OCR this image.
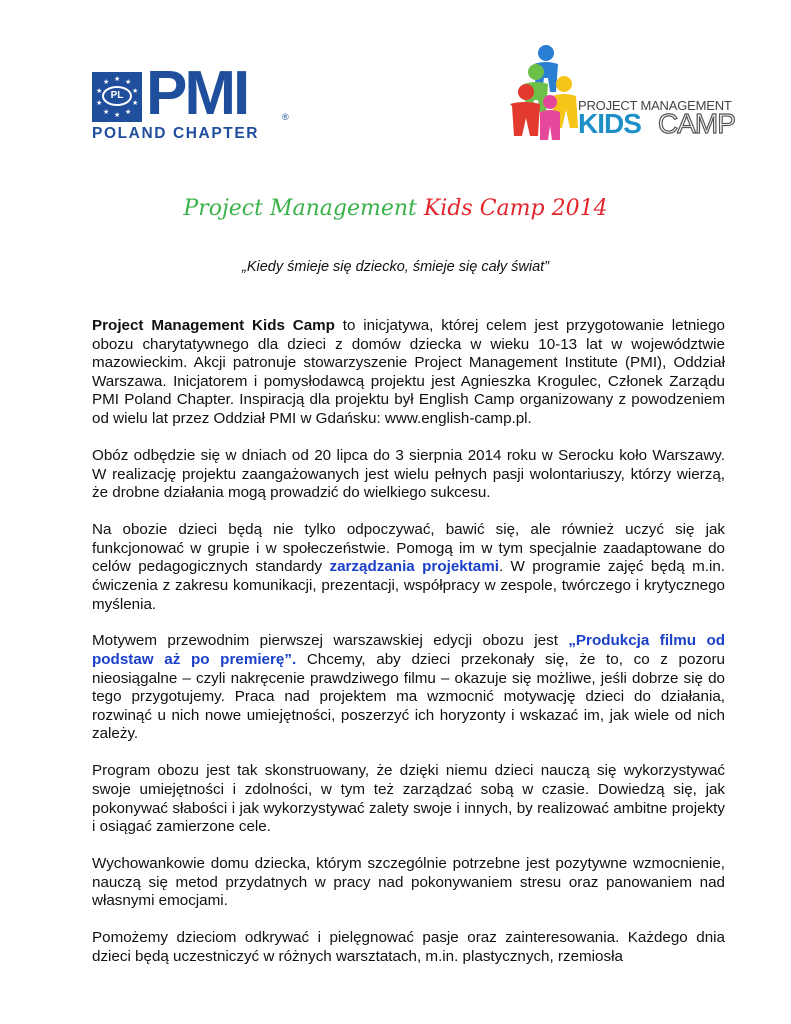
★ ★
★
★
★
★
★
★
★
★
PL PMI	®
POLAND CHAPTER
PROJECT MANAGEMENT
KIDS CAMP
Project Management Kids Camp 2014
„Kiedy śmieje się dziecko, śmieje się cały świat”

Project Management Kids Camp to inicjatywa, której celem jest przygotowanie letniego obozu charytatywnego dla dzieci z domów dziecka w wieku 10-13 lat w województwie mazowieckim. Akcji patronuje stowarzyszenie Project Management Institute (PMI), Oddział Warszawa. Inicjatorem i pomysłodawcą projektu jest Agnieszka Krogulec, Członek Zarządu PMI Poland Chapter. Inspiracją dla projektu był English Camp organizowany z powodzeniem od wielu lat przez Oddział PMI w Gdańsku: www.english-camp.pl.

Obóz odbędzie się w dniach od 20 lipca do 3 sierpnia 2014 roku w Serocku koło Warszawy. W realizację projektu zaangażowanych jest wielu pełnych pasji wolontariuszy, którzy wierzą, że drobne działania mogą prowadzić do wielkiego sukcesu.

Na obozie dzieci będą nie tylko odpoczywać, bawić się, ale również uczyć się jak funkcjonować w grupie i w społeczeństwie. Pomogą im w tym specjalnie zaadaptowane do celów pedagogicznych standardy zarządzania projektami. W programie zajęć będą m.in. ćwiczenia z zakresu komunikacji, prezentacji, współpracy w zespole, twórczego i krytycznego myślenia.

Motywem przewodnim pierwszej warszawskiej edycji obozu jest „Produkcja filmu od podstaw aż po premierę”. Chcemy, aby dzieci przekonały się, że to, co z pozoru nieosiągalne – czyli nakręcenie prawdziwego filmu – okazuje się możliwe, jeśli dobrze się do tego przygotujemy. Praca nad projektem ma wzmocnić motywację dzieci do działania, rozwinąć u nich nowe umiejętności, poszerzyć ich horyzonty i wskazać im, jak wiele od nich zależy.

Program obozu jest tak skonstruowany, że dzięki niemu dzieci nauczą się wykorzystywać swoje umiejętności i zdolności, w tym też zarządzać sobą w czasie. Dowiedzą się, jak pokonywać słabości i jak wykorzystywać zalety swoje i innych, by realizować ambitne projekty i osiągać zamierzone cele.

Wychowankowie domu dziecka, którym szczególnie potrzebne jest pozytywne wzmocnienie, nauczą się metod przydatnych w pracy nad pokonywaniem stresu oraz panowaniem nad własnymi emocjami.

Pomożemy dzieciom odkrywać i pielęgnować pasje oraz zainteresowania. Każdego dnia dzieci będą uczestniczyć w różnych warsztatach, m.in. plastycznych, rzemiosła
